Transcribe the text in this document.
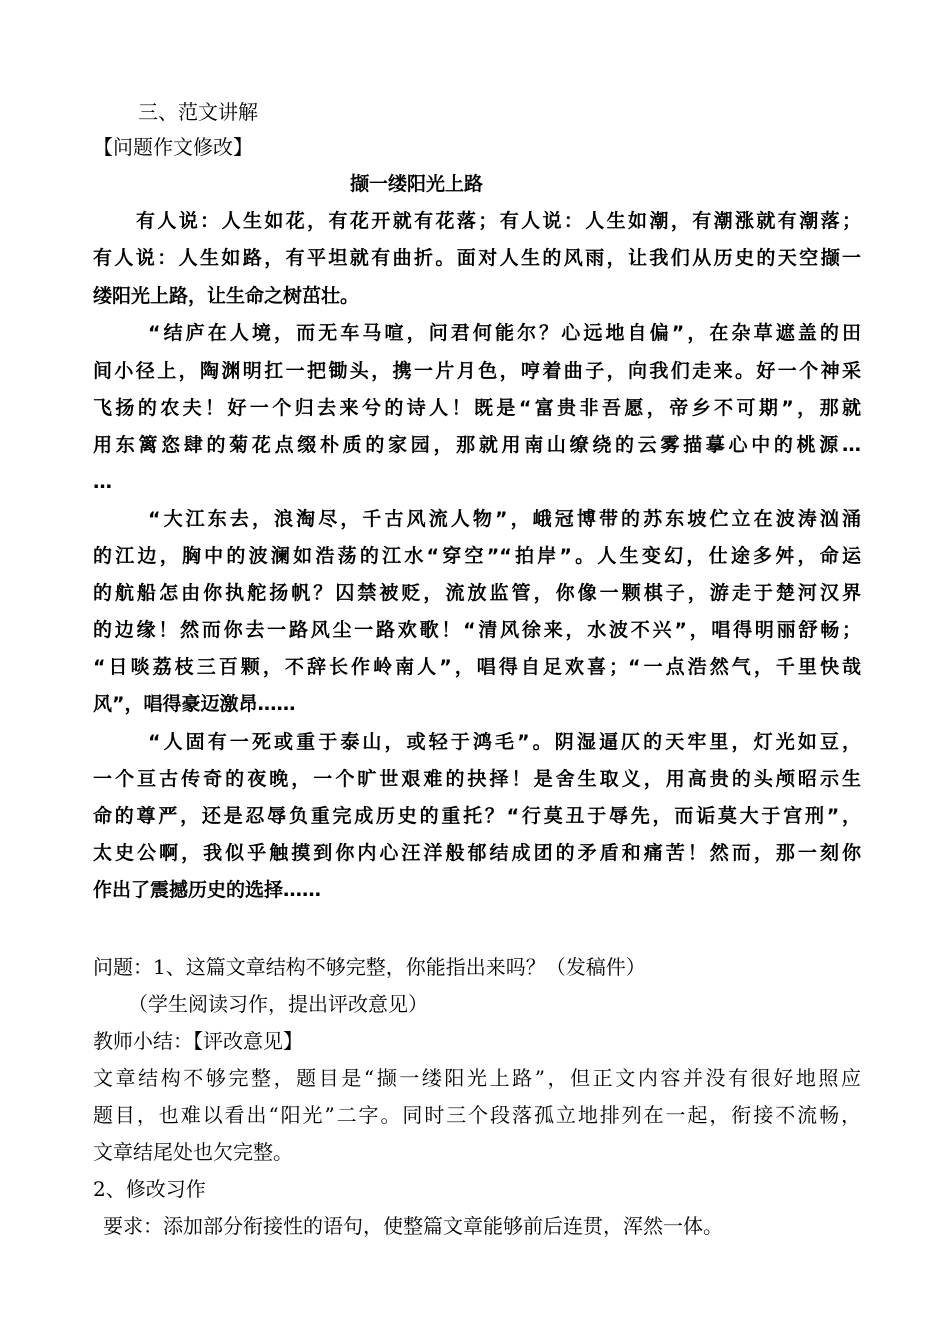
三、范文讲解
【问题作文修改】
撷一缕阳光上路
有人说：人生如花，有花开就有花落；有人说：人生如潮，有潮涨就有潮落；
有人说：人生如路，有平坦就有曲折。面对人生的风雨，让我们从历史的天空撷一
缕阳光上路，让生命之树茁壮。
“结庐在人境，而无车马喧，问君何能尔？心远地自偏”，在杂草遮盖的田
间小径上，陶渊明扛一把锄头，携一片月色，哼着曲子，向我们走来。好一个神采
飞扬的农夫！好一个归去来兮的诗人！既是“富贵非吾愿，帝乡不可期”，那就
用东篱恣肆的菊花点缀朴质的家园，那就用南山缭绕的云雾描摹心中的桃源…
…
“大江东去，浪淘尽，千古风流人物”，峨冠博带的苏东坡伫立在波涛汹涌
的江边，胸中的波澜如浩荡的江水“穿空”“拍岸”。人生变幻，仕途多舛，命运
的航船怎由你执舵扬帆？囚禁被贬，流放监管，你像一颗棋子，游走于楚河汉界
的边缘！然而你去一路风尘一路欢歌！“清风徐来，水波不兴”，唱得明丽舒畅；
“日啖荔枝三百颗，不辞长作岭南人”，唱得自足欢喜；“一点浩然气，千里快哉
风”，唱得豪迈激昂……
“人固有一死或重于泰山，或轻于鸿毛”。阴湿逼仄的天牢里，灯光如豆，
一个亘古传奇的夜晚，一个旷世艰难的抉择！是舍生取义，用高贵的头颅昭示生
命的尊严，还是忍辱负重完成历史的重托？“行莫丑于辱先，而诟莫大于宫刑”，
太史公啊，我似乎触摸到你内心汪洋般郁结成团的矛盾和痛苦！然而，那一刻你
作出了震撼历史的选择……
问题：1、这篇文章结构不够完整，你能指出来吗？（发稿件）
（学生阅读习作，提出评改意见）
教师小结：【评改意见】
文章结构不够完整，题目是“撷一缕阳光上路”，但正文内容并没有很好地照应
题目，也难以看出“阳光”二字。同时三个段落孤立地排列在一起，衔接不流畅，
文章结尾处也欠完整。
2、修改习作
要求：添加部分衔接性的语句，使整篇文章能够前后连贯，浑然一体。
